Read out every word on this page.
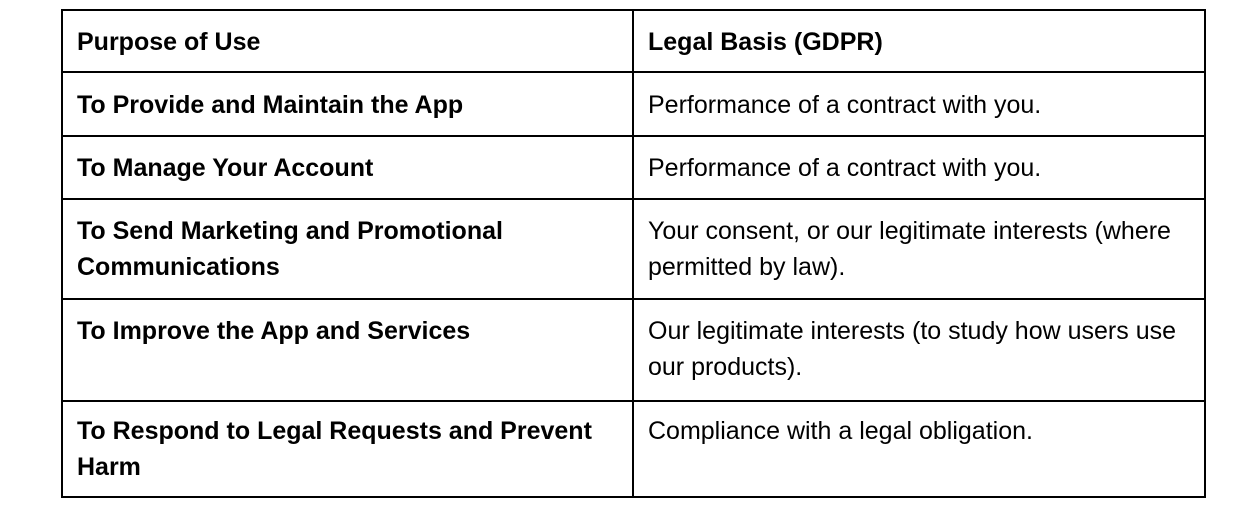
Purpose of Use	Legal Basis (GDPR)
To Provide and Maintain the App	Performance of a contract with you.
To Manage Your Account	Performance of a contract with you.
To Send Marketing and Promotional Communications	Your consent, or our legitimate interests (where permitted by law).
To Improve the App and Services	Our legitimate interests (to study how users use our products).
To Respond to Legal Requests and Prevent Harm	Compliance with a legal obligation.
